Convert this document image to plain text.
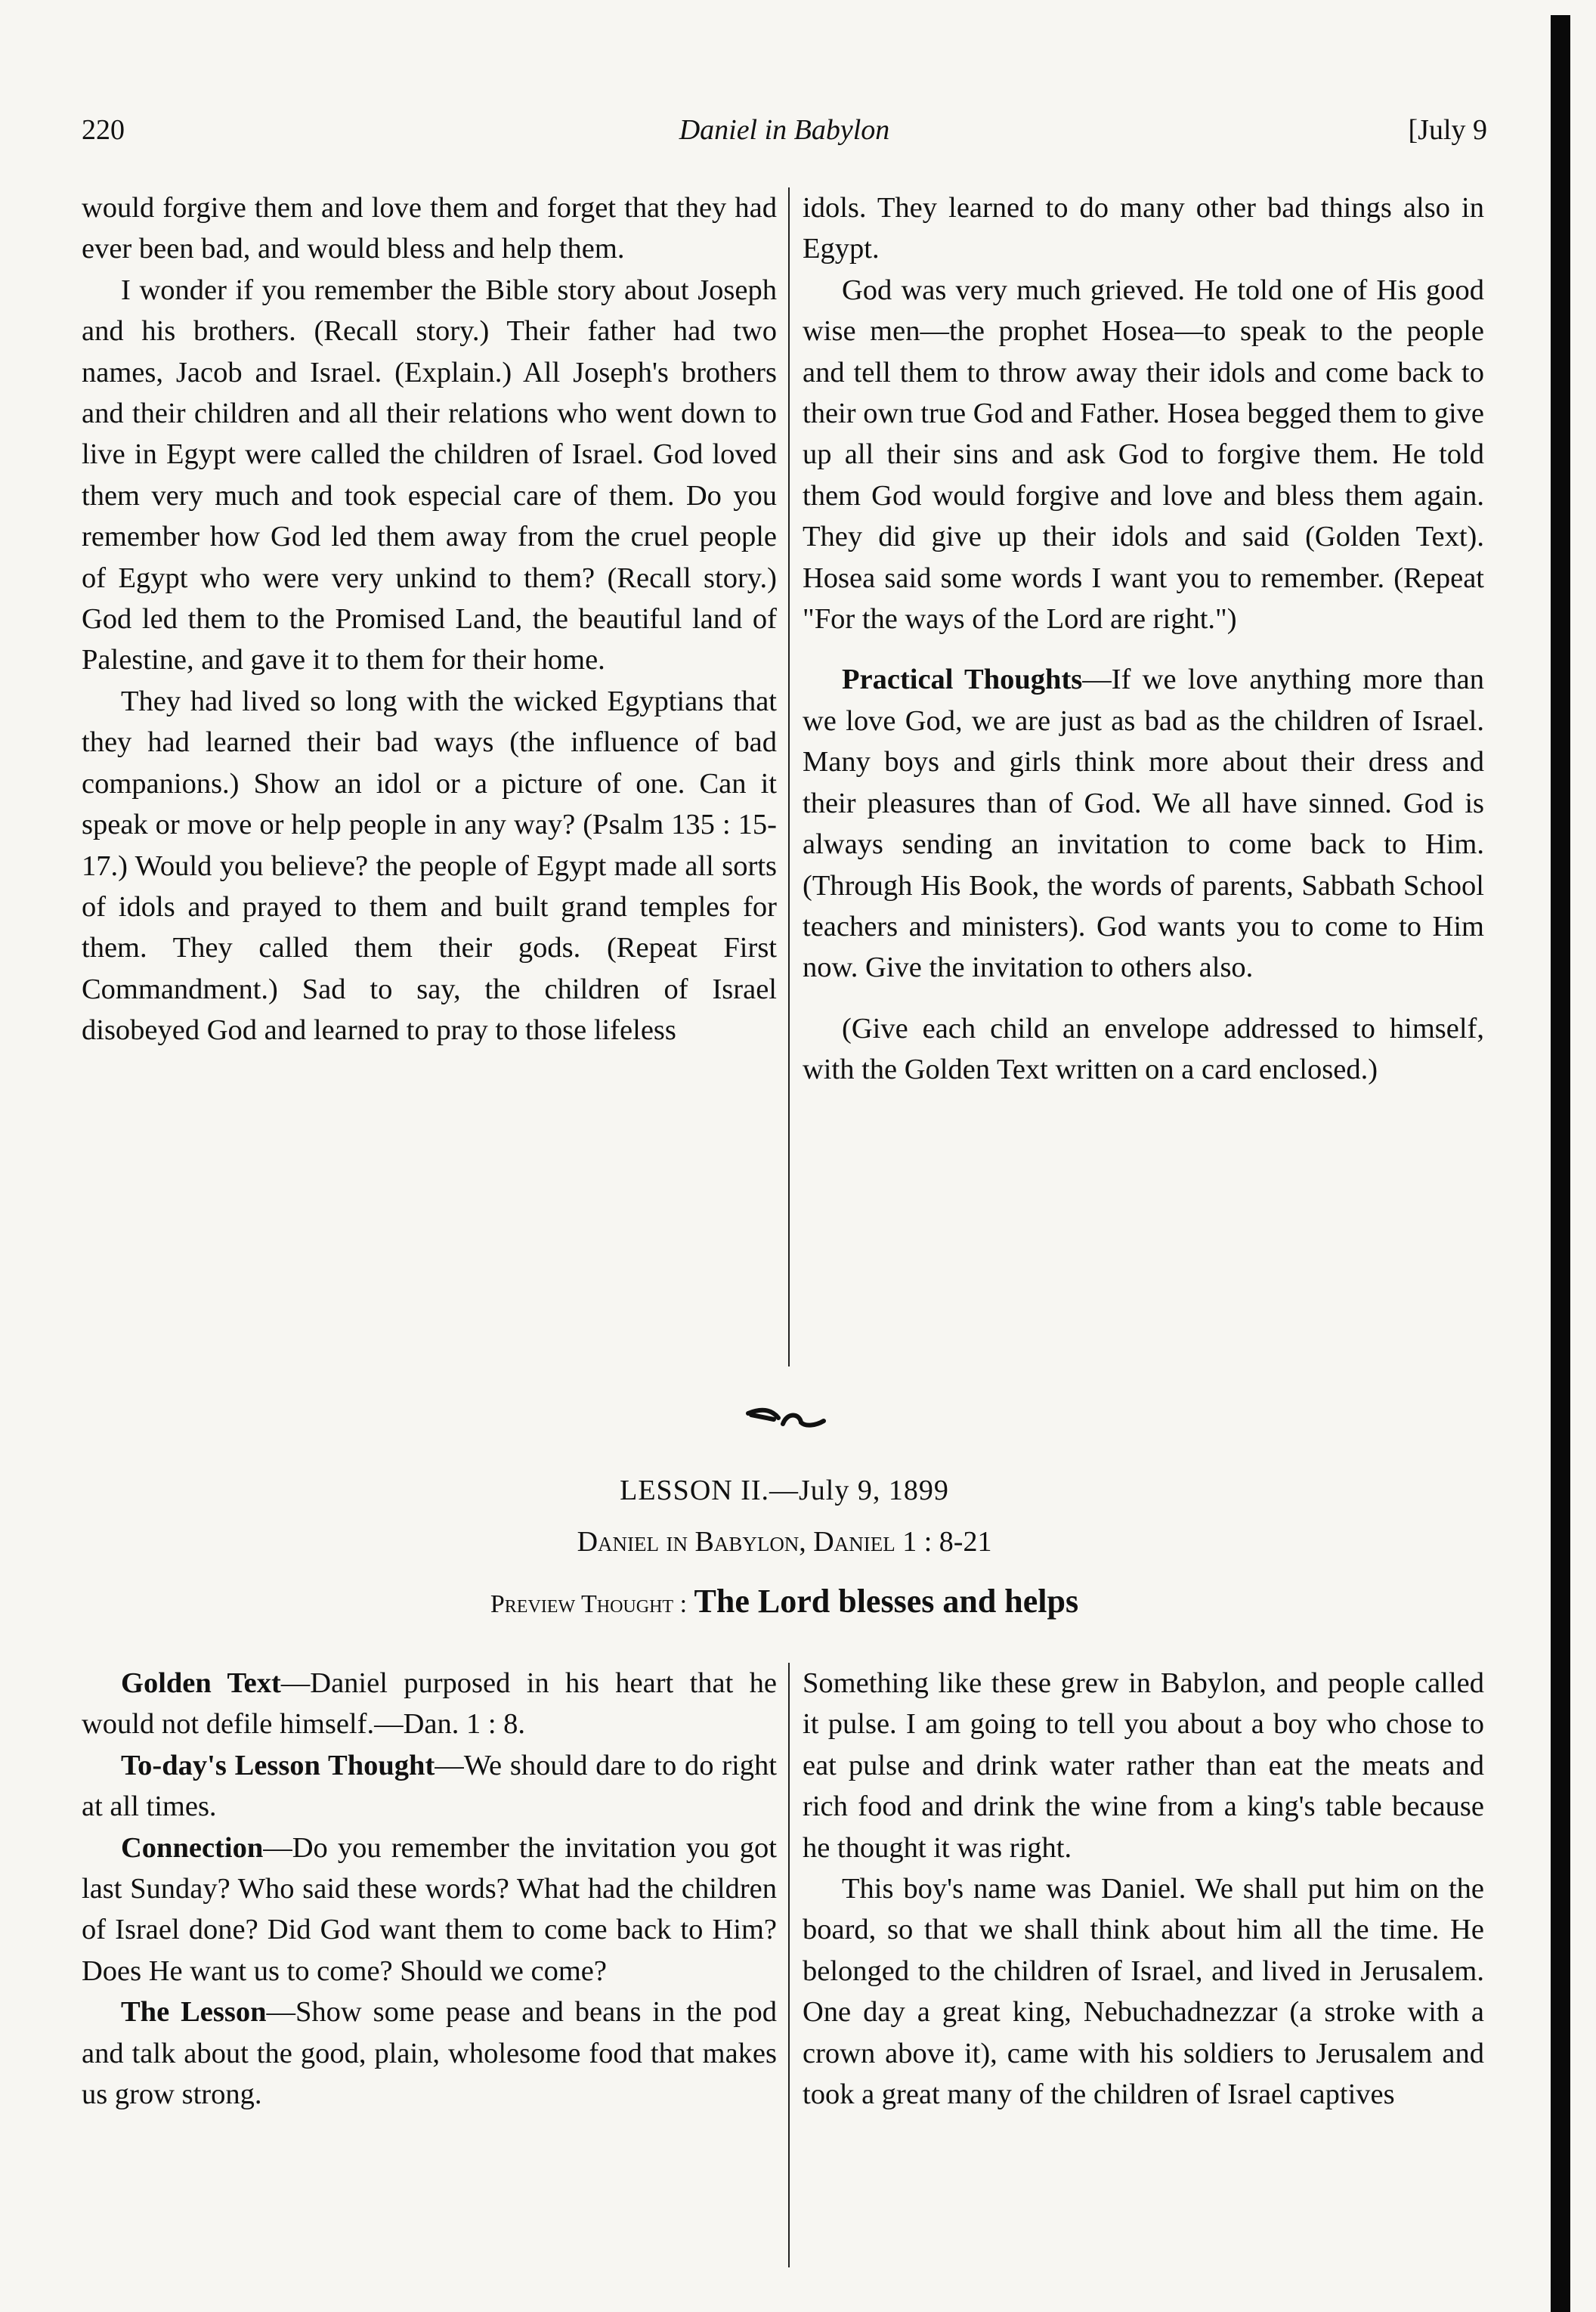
220	Daniel in Babylon	[July 9

would forgive them and love them and forget that they had ever been bad, and would bless and help them.

I wonder if you remember the Bible story about Joseph and his brothers. (Recall story.) Their father had two names, Jacob and Israel. (Explain.) All Joseph's brothers and their children and all their relations who went down to live in Egypt were called the children of Israel. God loved them very much and took especial care of them. Do you remember how God led them away from the cruel people of Egypt who were very unkind to them? (Recall story.) God led them to the Promised Land, the beautiful land of Palestine, and gave it to them for their home.

They had lived so long with the wicked Egyptians that they had learned their bad ways (the influence of bad companions.) Show an idol or a picture of one. Can it speak or move or help people in any way? (Psalm 135 : 15-17.) Would you believe? the people of Egypt made all sorts of idols and prayed to them and built grand temples for them. They called them their gods. (Repeat First Commandment.) Sad to say, the children of Israel disobeyed God and learned to pray to those lifeless

idols. They learned to do many other bad things also in Egypt.

God was very much grieved. He told one of His good wise men—the prophet Hosea—to speak to the people and tell them to throw away their idols and come back to their own true God and Father. Hosea begged them to give up all their sins and ask God to forgive them. He told them God would forgive and love and bless them again. They did give up their idols and said (Golden Text). Hosea said some words I want you to remember. (Repeat "For the ways of the Lord are right.")

Practical Thoughts—If we love anything more than we love God, we are just as bad as the children of Israel. Many boys and girls think more about their dress and their pleasures than of God. We all have sinned. God is always sending an invitation to come back to Him. (Through His Book, the words of parents, Sabbath School teachers and ministers). God wants you to come to Him now. Give the invitation to others also.

(Give each child an envelope addressed to himself, with the Golden Text written on a card enclosed.)

LESSON II.—July 9, 1899
Daniel in Babylon, Daniel 1 : 8-21
Preview Thought : The Lord blesses and helps

Golden Text—Daniel purposed in his heart that he would not defile himself.—Dan. 1 : 8.

To-day's Lesson Thought—We should dare to do right at all times.

Connection—Do you remember the invitation you got last Sunday? Who said these words? What had the children of Israel done? Did God want them to come back to Him? Does He want us to come? Should we come?

The Lesson—Show some pease and beans in the pod and talk about the good, plain, wholesome food that makes us grow strong.

Something like these grew in Babylon, and people called it pulse. I am going to tell you about a boy who chose to eat pulse and drink water rather than eat the meats and rich food and drink the wine from a king's table because he thought it was right.

This boy's name was Daniel. We shall put him on the board, so that we shall think about him all the time. He belonged to the children of Israel, and lived in Jerusalem. One day a great king, Nebuchadnezzar (a stroke with a crown above it), came with his soldiers to Jerusalem and took a great many of the children of Israel captives
